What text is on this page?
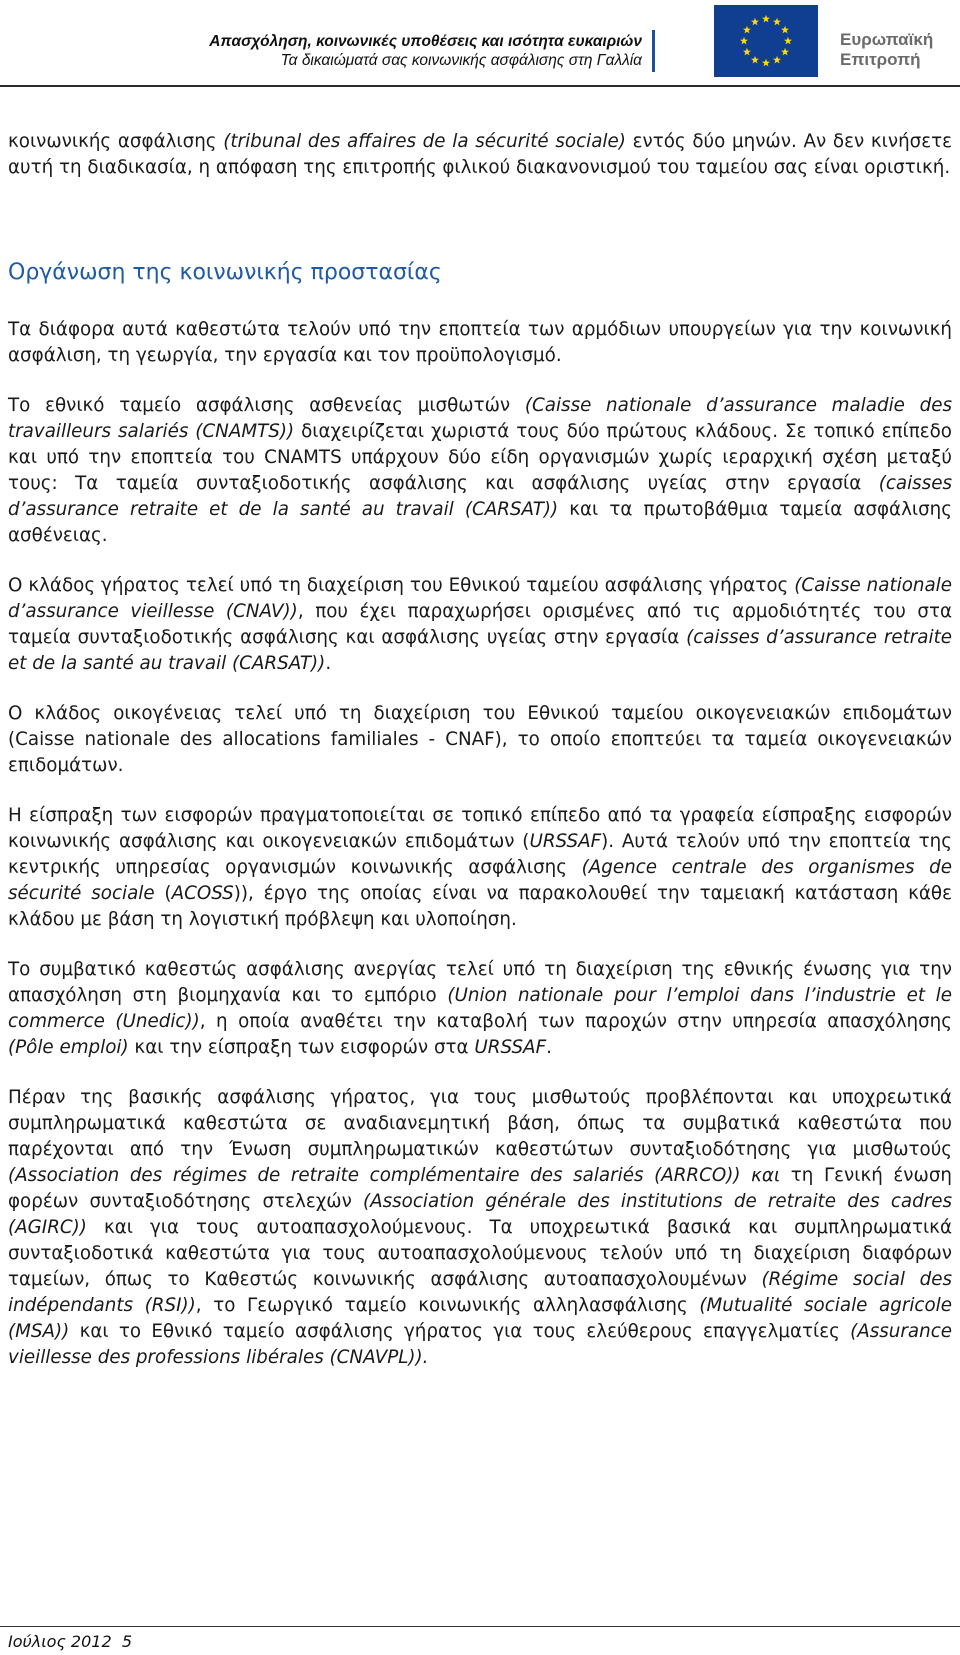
Απασχόληση, κοινωνικές υποθέσεις και ισότητα ευκαιριών
Τα δικαιώματά σας κοινωνικής ασφάλισης στη Γαλλία
Ευρωπαϊκή
Επιτροπή

κοινωνικής ασφάλισης (tribunal des affaires de la sécurité sociale) εντός δύο μηνών. Αν δεν κινήσετε αυτή τη διαδικασία, η απόφαση της επιτροπής φιλικού διακανονισμού του ταμείου σας είναι οριστική.

Οργάνωση της κοινωνικής προστασίας

Τα διάφορα αυτά καθεστώτα τελούν υπό την εποπτεία των αρμόδιων υπουργείων για την κοινωνική ασφάλιση, τη γεωργία, την εργασία και τον προϋπολογισμό.

Το εθνικό ταμείο ασφάλισης ασθενείας μισθωτών (Caisse nationale d’assurance maladie des travailleurs salariés (CNAMTS)) διαχειρίζεται χωριστά τους δύο πρώτους κλάδους. Σε τοπικό επίπεδο και υπό την εποπτεία του CNAMTS υπάρχουν δύο είδη οργανισμών χωρίς ιεραρχική σχέση μεταξύ τους: Τα ταμεία συνταξιοδοτικής ασφάλισης και ασφάλισης υγείας στην εργασία (caisses d’assurance retraite et de la santé au travail (CARSAT)) και τα πρωτοβάθμια ταμεία ασφάλισης ασθένειας.

Ο κλάδος γήρατος τελεί υπό τη διαχείριση του Εθνικού ταμείου ασφάλισης γήρατος (Caisse nationale d’assurance vieillesse (CNAV)), που έχει παραχωρήσει ορισμένες από τις αρμοδιότητές του στα ταμεία συνταξιοδοτικής ασφάλισης και ασφάλισης υγείας στην εργασία (caisses d’assurance retraite et de la santé au travail (CARSAT)).

Ο κλάδος οικογένειας τελεί υπό τη διαχείριση του Εθνικού ταμείου οικογενειακών επιδομάτων (Caisse nationale des allocations familiales - CNAF), το οποίο εποπτεύει τα ταμεία οικογενειακών επιδομάτων.

Η είσπραξη των εισφορών πραγματοποιείται σε τοπικό επίπεδο από τα γραφεία είσπραξης εισφορών κοινωνικής ασφάλισης και οικογενειακών επιδομάτων (URSSAF). Αυτά τελούν υπό την εποπτεία της κεντρικής υπηρεσίας οργανισμών κοινωνικής ασφάλισης (Agence centrale des organismes de sécurité sociale (ACOSS)), έργο της οποίας είναι να παρακολουθεί την ταμειακή κατάσταση κάθε κλάδου με βάση τη λογιστική πρόβλεψη και υλοποίηση.

Το συμβατικό καθεστώς ασφάλισης ανεργίας τελεί υπό τη διαχείριση της εθνικής ένωσης για την απασχόληση στη βιομηχανία και το εμπόριο (Union nationale pour l’emploi dans l’industrie et le commerce (Unedic)), η οποία αναθέτει την καταβολή των παροχών στην υπηρεσία απασχόλησης (Pôle emploi) και την είσπραξη των εισφορών στα URSSAF.

Πέραν της βασικής ασφάλισης γήρατος, για τους μισθωτούς προβλέπονται και υποχρεωτικά συμπληρωματικά καθεστώτα σε αναδιανεμητική βάση, όπως τα συμβατικά καθεστώτα που παρέχονται από την Ένωση συμπληρωματικών καθεστώτων συνταξιοδότησης για μισθωτούς (Association des régimes de retraite complémentaire des salariés (ARRCO)) και τη Γενική ένωση φορέων συνταξιοδότησης στελεχών (Association générale des institutions de retraite des cadres (AGIRC)) και για τους αυτοαπασχολούμενους. Τα υποχρεωτικά βασικά και συμπληρωματικά συνταξιοδοτικά καθεστώτα για τους αυτοαπασχολούμενους τελούν υπό τη διαχείριση διαφόρων ταμείων, όπως το Καθεστώς κοινωνικής ασφάλισης αυτοαπασχολουμένων (Régime social des indépendants (RSI)), το Γεωργικό ταμείο κοινωνικής αλληλασφάλισης (Mutualité sociale agricole (MSA)) και το Εθνικό ταμείο ασφάλισης γήρατος για τους ελεύθερους επαγγελματίες (Assurance vieillesse des professions libérales (CNAVPL)).

Ιούλιος 2012 5
